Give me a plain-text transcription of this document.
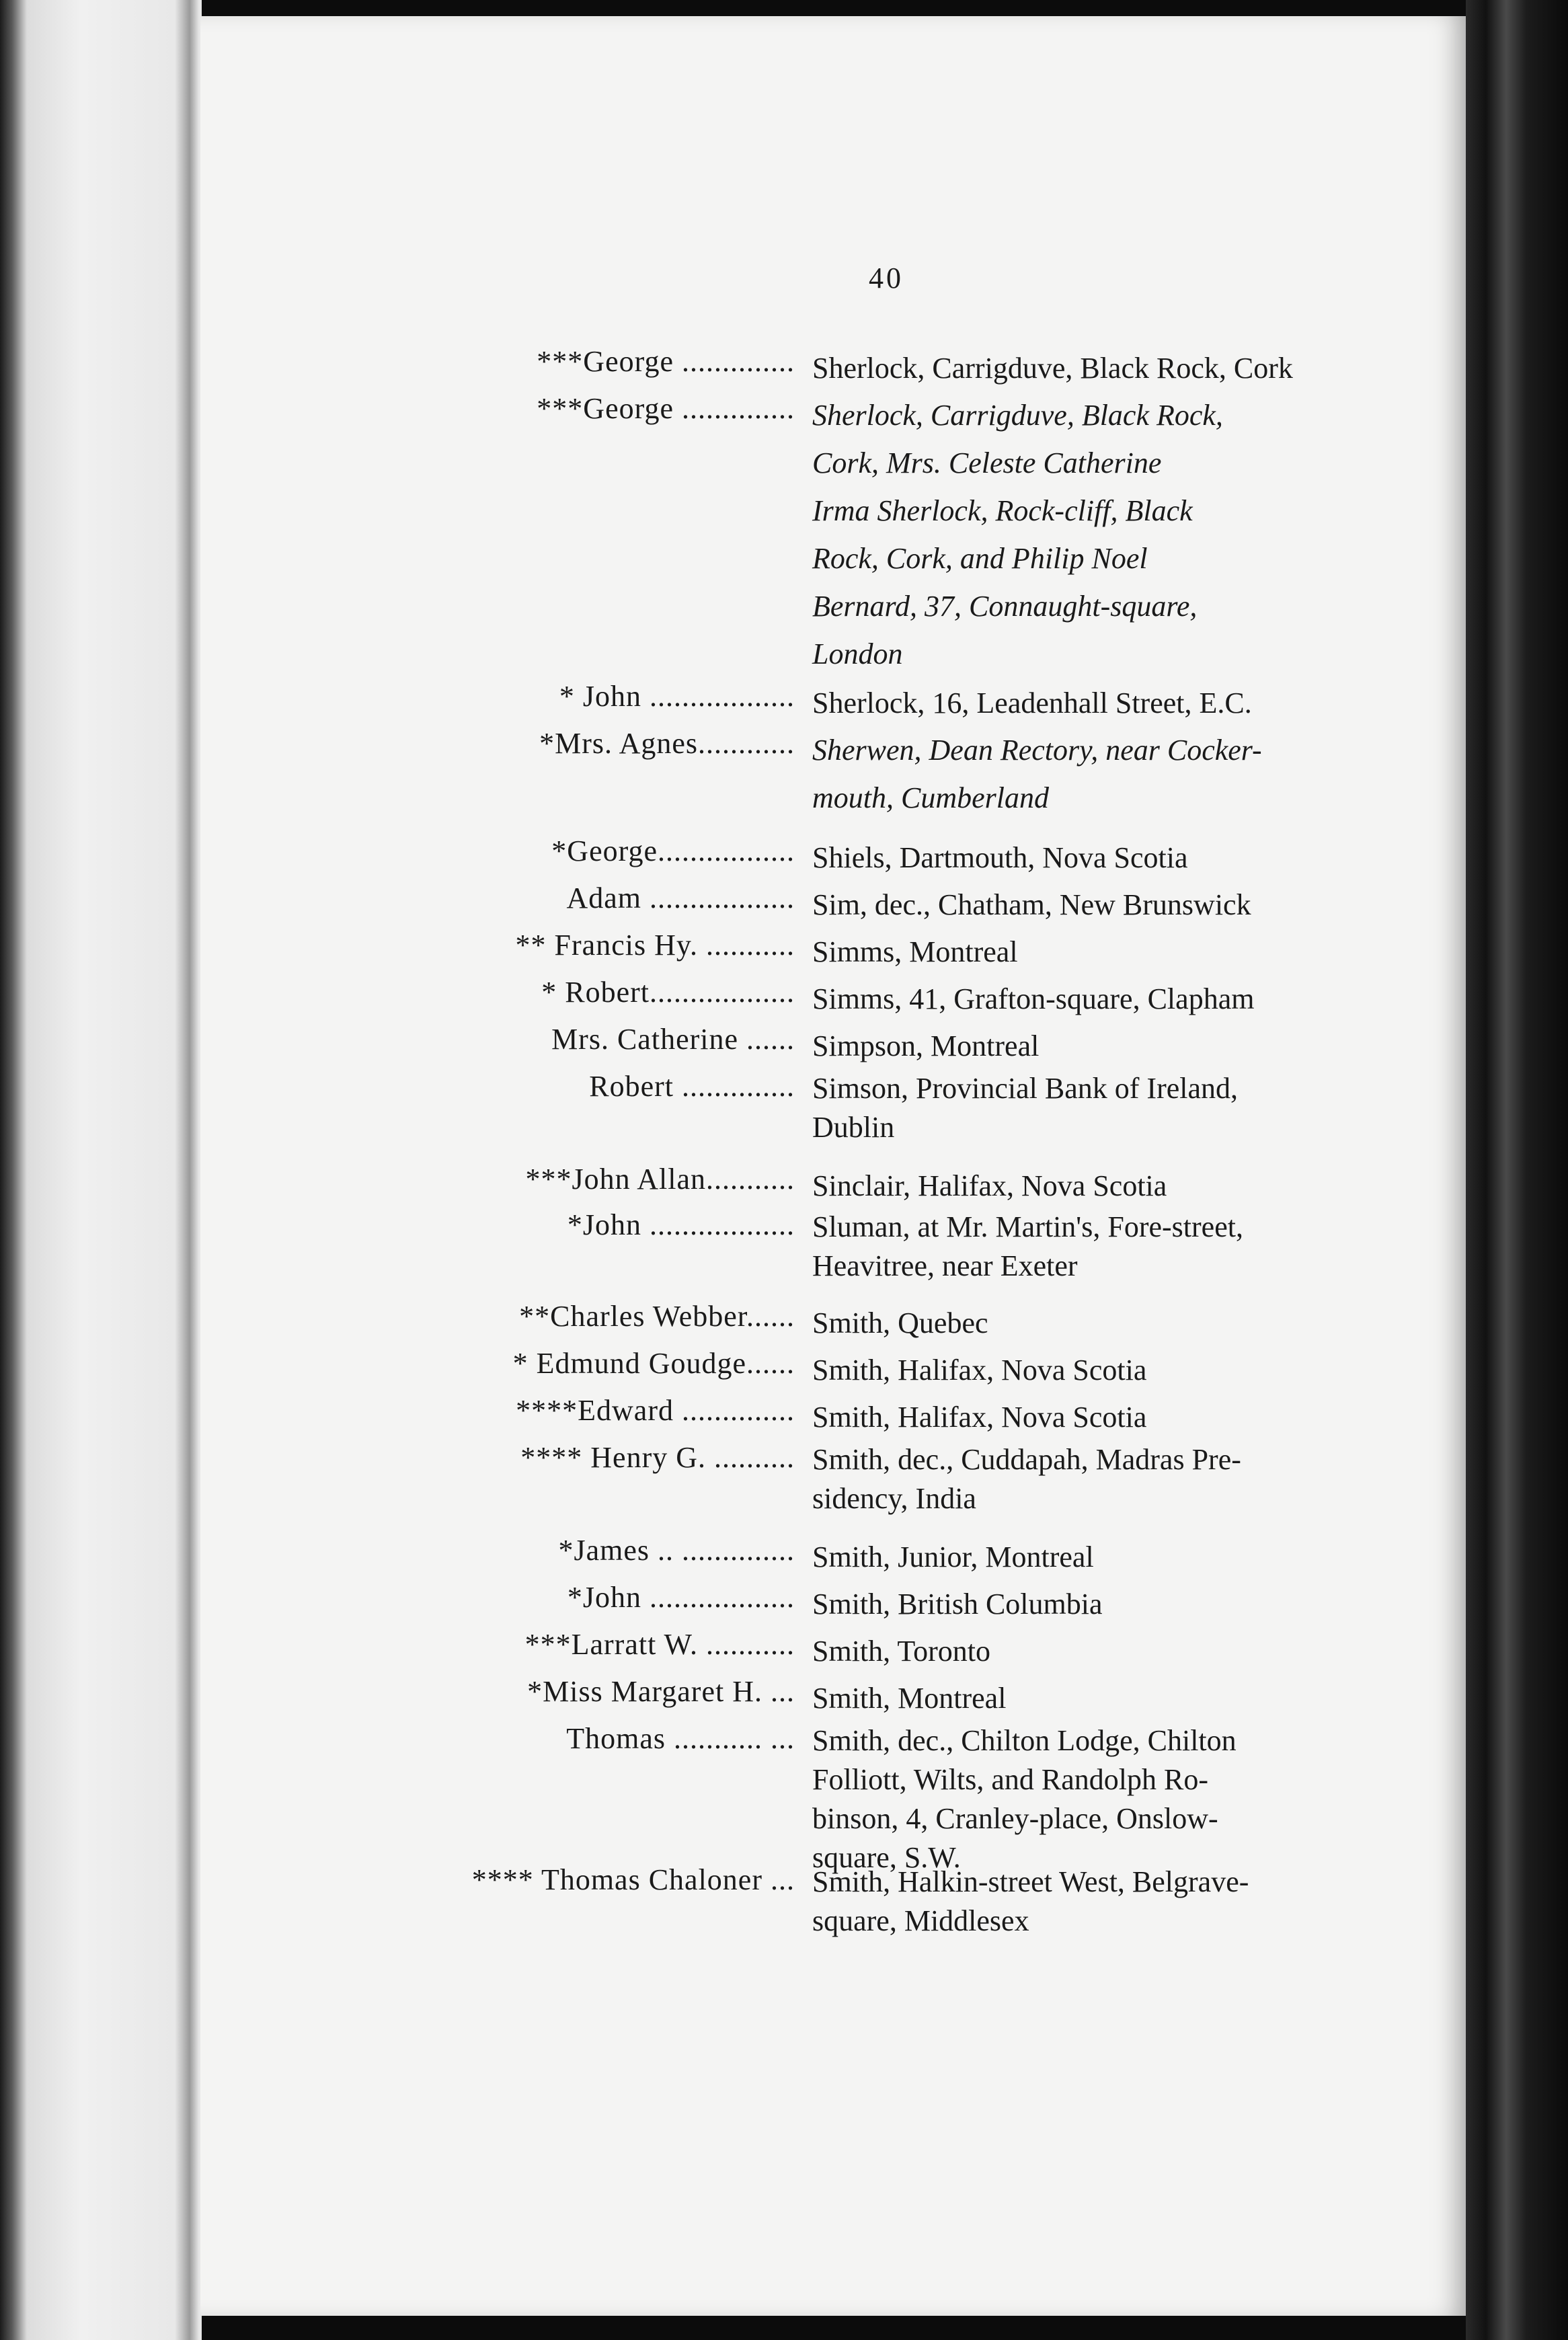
40
***George .............. Sherlock, Carrigduve, Black Rock, Cork
***George .............. Sherlock, Carrigduve, Black Rock,
Cork, Mrs. Celeste Catherine
Irma Sherlock, Rock-cliff, Black
Rock, Cork, and Philip Noel
Bernard, 37, Connaught-square,
London
* John .................. Sherlock, 16, Leadenhall Street, E.C.
*Mrs. Agnes............ Sherwen, Dean Rectory, near Cocker-
mouth, Cumberland
*George................. Shiels, Dartmouth, Nova Scotia
Adam .................. Sim, dec., Chatham, New Brunswick
** Francis Hy. ........... Simms, Montreal
* Robert.................. Simms, 41, Grafton-square, Clapham
Mrs. Catherine ...... Simpson, Montreal
Robert .............. Simson, Provincial Bank of Ireland,
Dublin
***John Allan........... Sinclair, Halifax, Nova Scotia
*John .................. Sluman, at Mr. Martin's, Fore-street,
Heavitree, near Exeter
**Charles Webber...... Smith, Quebec
* Edmund Goudge...... Smith, Halifax, Nova Scotia
****Edward .............. Smith, Halifax, Nova Scotia
**** Henry G. .......... Smith, dec., Cuddapah, Madras Pre-
sidency, India
*James .. .............. Smith, Junior, Montreal
*John .................. Smith, British Columbia
***Larratt W. ........... Smith, Toronto
*Miss Margaret H. ... Smith, Montreal
Thomas ........... ... Smith, dec., Chilton Lodge, Chilton
Folliott, Wilts, and Randolph Ro-
binson, 4, Cranley-place, Onslow-
square, S.W.
**** Thomas Chaloner ... Smith, Halkin-street West, Belgrave-
square, Middlesex
